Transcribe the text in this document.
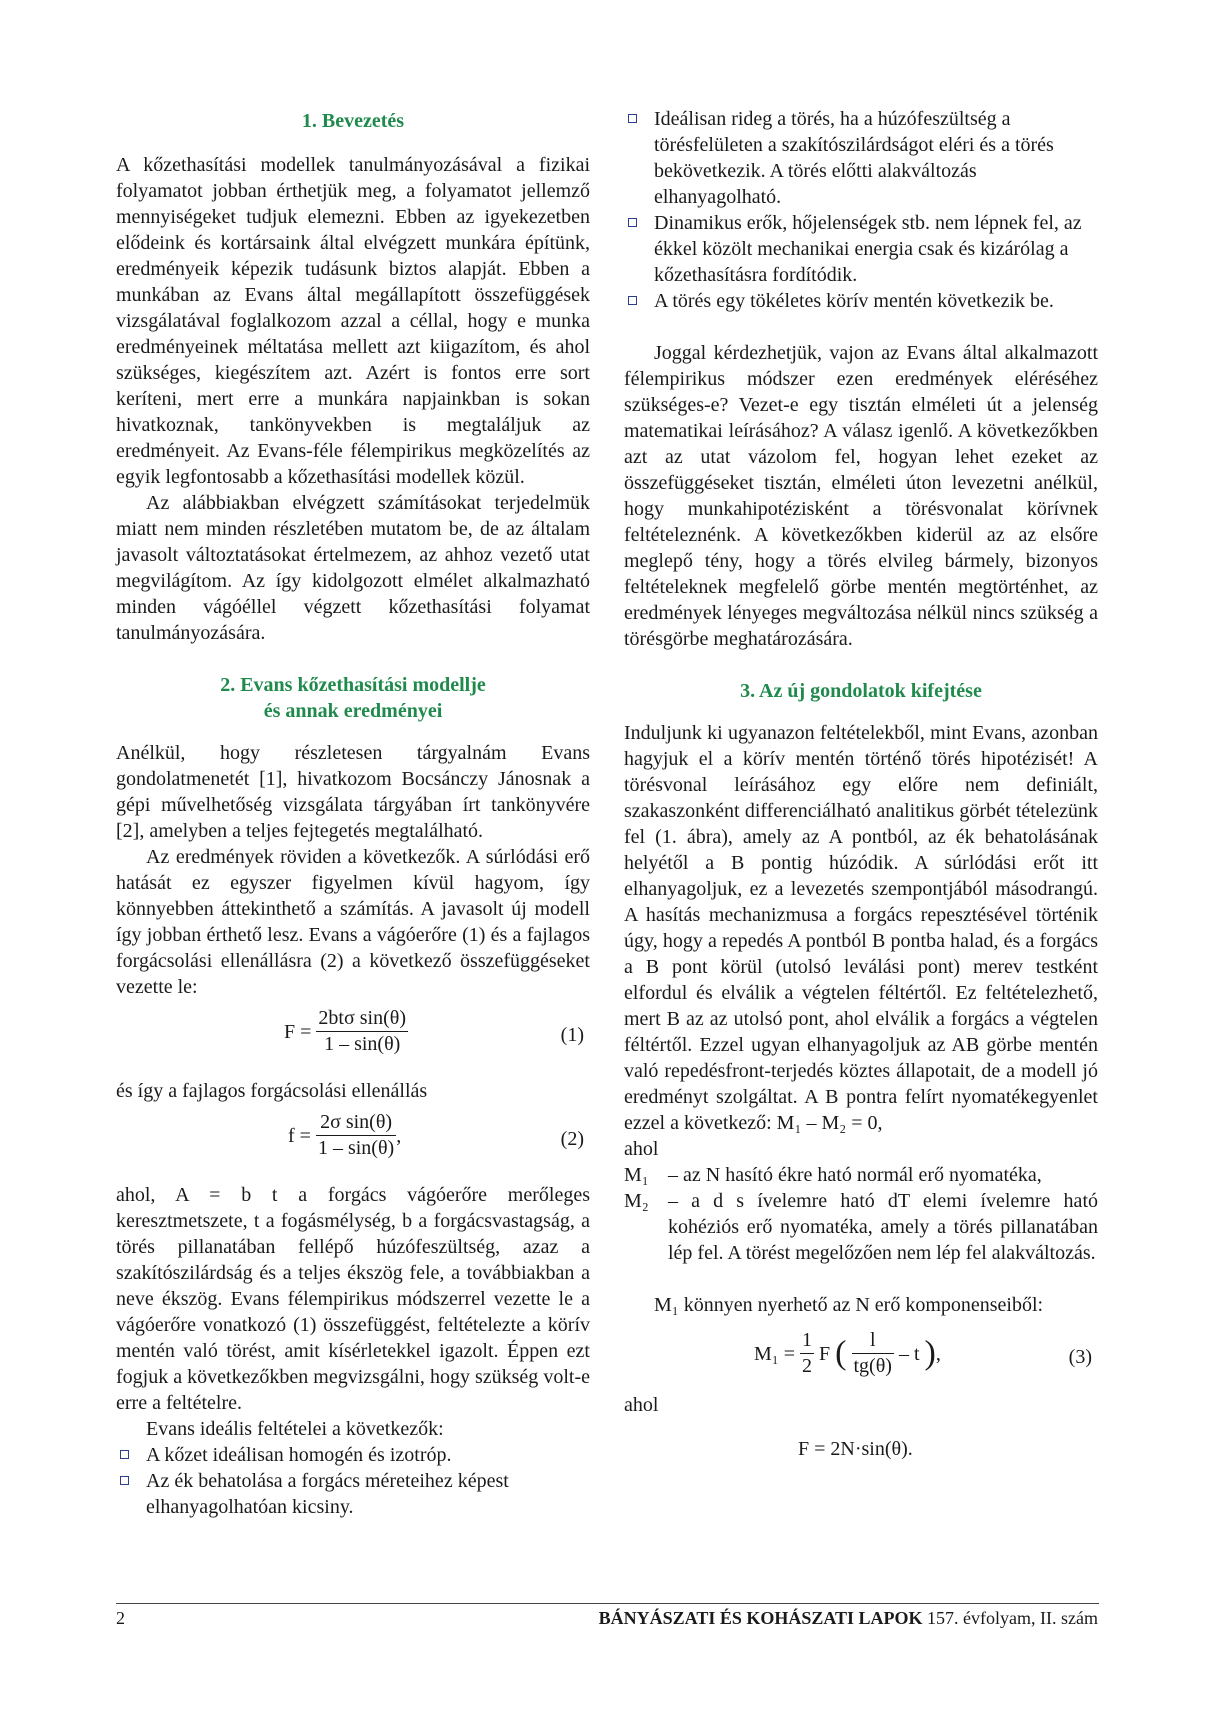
1. Bevezetés

A kőzethasítási modellek tanulmányozásával a fizikai folyamatot jobban érthetjük meg, a folyamatot jellemző mennyiségeket tudjuk elemezni. Ebben az igyekezetben elődeink és kortársaink által elvégzett munkára építünk, eredményeik képezik tudásunk biztos alapját. Ebben a munkában az Evans által megállapított összefüggések vizsgálatával foglalkozom azzal a céllal, hogy e munka eredményeinek méltatása mellett azt kiigazítom, és ahol szükséges, kiegészítem azt. Azért is fontos erre sort keríteni, mert erre a munkára napjainkban is sokan hivatkoznak, tankönyvekben is megtaláljuk az eredményeit. Az Evans-féle félempirikus megközelítés az egyik legfontosabb a kőzethasítási modellek közül.

Az alábbiakban elvégzett számításokat terjedelmük miatt nem minden részletében mutatom be, de az általam javasolt változtatásokat értelmezem, az ahhoz vezető utat megvilágítom. Az így kidolgozott elmélet alkalmazható minden vágóéllel végzett kőzethasítási folyamat tanulmányozására.

2. Evans kőzethasítási modellje
és annak eredményei

Anélkül, hogy részletesen tárgyalnám Evans gondolatmenetét [1], hivatkozom Bocsánczy Jánosnak a gépi művelhetőség vizsgálata tárgyában írt tankönyvére [2], amelyben a teljes fejtegetés megtalálható.

Az eredmények röviden a következők. A súrlódási erő hatását ez egyszer figyelmen kívül hagyom, így könnyebben áttekinthető a számítás. A javasolt új modell így jobban érthető lesz. Evans a vágóerőre (1) és a fajlagos forgácsolási ellenállásra (2) a következő összefüggéseket vezette le:

$F = \frac{\text{2btσ sin(θ)}}{1 - \sin(\theta)}$	(1)

és így a fajlagos forgácsolási ellenállás

$f = \frac{\text{2σ sin(θ)}}{1 - \sin(\theta)}$ ,	(2)

ahol, A = b t a forgács vágóerőre merőleges keresztmetszete, t a fogásmélység, b a forgácsvastagság, a törés pillanatában fellépő húzófeszültség, azaz a szakítószilárdság és a teljes ékszög fele, a továbbiakban a neve ékszög. Evans félempirikus módszerrel vezette le a vágóerőre vonatkozó (1) összefüggést, feltételezte a körív mentén való törést, amit kísérletekkel igazolt. Éppen ezt fogjuk a következőkben megvizsgálni, hogy szükség volt-e erre a feltételre.

Evans ideális feltételei a következők:

A kőzet ideálisan homogén és izotróp.
Az ék behatolása a forgács méreteihez képest elhanyagolhatóan kicsiny.
Ideálisan rideg a törés, ha a húzófeszültség a törésfelületen a szakítószilárdságot eléri és a törés bekövetkezik. A törés előtti alakváltozás elhanyagolható.
Dinamikus erők, hőjelenségek stb. nem lépnek fel, az ékkel közölt mechanikai energia csak és kizárólag a kőzethasításra fordítódik.
A törés egy tökéletes körív mentén következik be.

Joggal kérdezhetjük, vajon az Evans által alkalmazott félempirikus módszer ezen eredmények eléréséhez szükséges-e? Vezet-e egy tisztán elméleti út a jelenség matematikai leírásához? A válasz igenlő. A következőkben azt az utat vázolom fel, hogyan lehet ezeket az összefüggéseket tisztán, elméleti úton levezetni anélkül, hogy munkahipotézisként a törésvonalat körívnek feltételeznénk. A következőkben kiderül az az elsőre meglepő tény, hogy a törés elvileg bármely, bizonyos feltételeknek megfelelő görbe mentén megtörténhet, az eredmények lényeges megváltozása nélkül nincs szükség a törésgörbe meghatározására.

3. Az új gondolatok kifejtése

Induljunk ki ugyanazon feltételekből, mint Evans, azonban hagyjuk el a körív mentén történő törés hipotézisét! A törésvonal leírásához egy előre nem definiált, szakaszonként differenciálható analitikus görbét tételezünk fel (1. ábra), amely az A pontból, az ék behatolásának helyétől a B pontig húzódik. A súrlódási erőt itt elhanyagoljuk, ez a levezetés szempontjából másodrangú. A hasítás mechanizmusa a forgács repesztésével történik úgy, hogy a repedés A pontból B pontba halad, és a forgács a B pont körül (utolsó leválási pont) merev testként elfordul és elválik a végtelen féltértől. Ez feltételezhető, mert B az az utolsó pont, ahol elválik a forgács a végtelen féltértől. Ezzel ugyan elhanyagoljuk az AB görbe mentén való repedésfront-terjedés köztes állapotait, de a modell jó eredményt szolgáltat. A B pontra felírt nyomatékegyenlet ezzel a következő: M₁ – M₂ = 0,

ahol

M₁ – az N hasító ékre ható normál erő nyomatéka,
M₂ – a d s ívelemre ható dT elemi ívelemre ható kohéziós erő nyomatéka, amely a törés pillanatában lép fel. A törést megelőzően nem lép fel alakváltozás.

M₁ könnyen nyerhető az N erő komponenseiből:

$M_1 = \frac{1}{2}$ F ( $\frac{l}{tg(\theta)}$ – t ),	(3)

ahol

F = 2N·sin(θ).

2	BÁNYÁSZATI ÉS KOHÁSZATI LAPOK 157. évfolyam, II. szám
